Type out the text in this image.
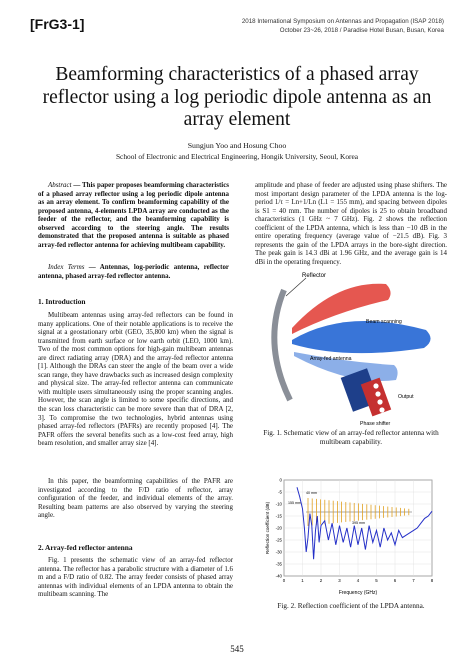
[FrG3-1]	2018 International Symposium on Antennas and Propagation (ISAP 2018)
October 23~26, 2018 / Paradise Hotel Busan, Busan, Korea
Beamforming characteristics of a phased array reflector using a log periodic dipole antenna as an array element
Sungjun Yoo and Hosung Choo
School of Electronic and Electrical Engineering, Hongik University, Seoul, Korea

Abstract — This paper proposes beamforming characteristics of a phased array reflector using a log periodic dipole antenna as an array element. To confirm beamforming capability of the proposed antenna, 4-elements LPDA array are conducted as the feeder of the reflector, and the beamforming capability is observed according to the steering angle. The results demonstrated that the proposed antenna is suitable as phased array-fed reflector antenna for achieving multibeam capability.

Index Terms — Antennas, log-periodic antenna, reflector antenna, phased array-fed reflector antenna.

amplitude and phase of feeder are adjusted using phase shifters. The most important design parameter of the LPDA antenna is the log-period 1/τ = Ln+1/Ln (L1 = 155 mm), and spacing between dipoles is S1 = 40 mm. The number of dipoles is 25 to obtain broadband characteristics (1 GHz ~ 7 GHz). Fig. 2 shows the reflection coefficient of the LPDA antenna, which is less than −10 dB in the entire operating frequency (average value of −21.5 dB). Fig. 3 represents the gain of the LPDA arrays in the bore-sight direction. The peak gain is 14.3 dBi at 1.96 GHz, and the average gain is 14 dBi in the operating frequency.

1. Introduction

Multibeam antennas using array-fed reflectors can be found in many applications. One of their notable applications is to receive the signal at a geostationary orbit (GEO, 35,800 km) when the signal is transmitted from earth surface or low earth orbit (LEO, 1000 km). Two of the most common options for high-gain multibeam antennas are direct radiating array (DRA) and the array-fed reflector antenna [1]. Although the DRAs can steer the angle of the beam over a wide scan range, they have drawbacks such as increased design complexity and physical size. The array-fed reflector antenna can communicate with multiple users simultaneously using the proper scanning angles. However, the scan angle is limited to some specific directions, and the scan loss characteristic can be more severe than that of DRA [2, 3]. To compromise the two technologies, hybrid antennas using phased array-fed reflectors (PAFRs) are recently proposed [4]. The PAFR offers the several benefits such as a low-cost feed array, high beam resolution, and smaller array size [4].

In this paper, the beamforming capabilities of the PAFR are investigated according to the F/D ratio of reflector, array configuration of the feeder, and individual elements of the array. Resulting beam patterns are also observed by varying the steering angle.

2. Array-fed reflector antenna

Fig. 1 presents the schematic view of an array-fed reflector antenna. The reflector has a parabolic structure with a diameter of 1.6 m and a F/D ratio of 0.82. The array feeder consists of phased array antennas with individual elements of an LPDA antenna to obtain the multibeam scanning. The

Reflector
Beam scanning
Array-fed antenna
Output
Phase shifter
Fig. 1. Schematic view of an array-fed reflector antenna with multibeam capability.
0
-5
-10
-15
-20
-25
-30
-35
-40
0	1	2	3	4	5	6	7	8
40 mm
155 mm
395 mm
Frequency (GHz)
Reflection coefficient (dB)
Fig. 2. Reflection coefficient of the LPDA antenna.
545
